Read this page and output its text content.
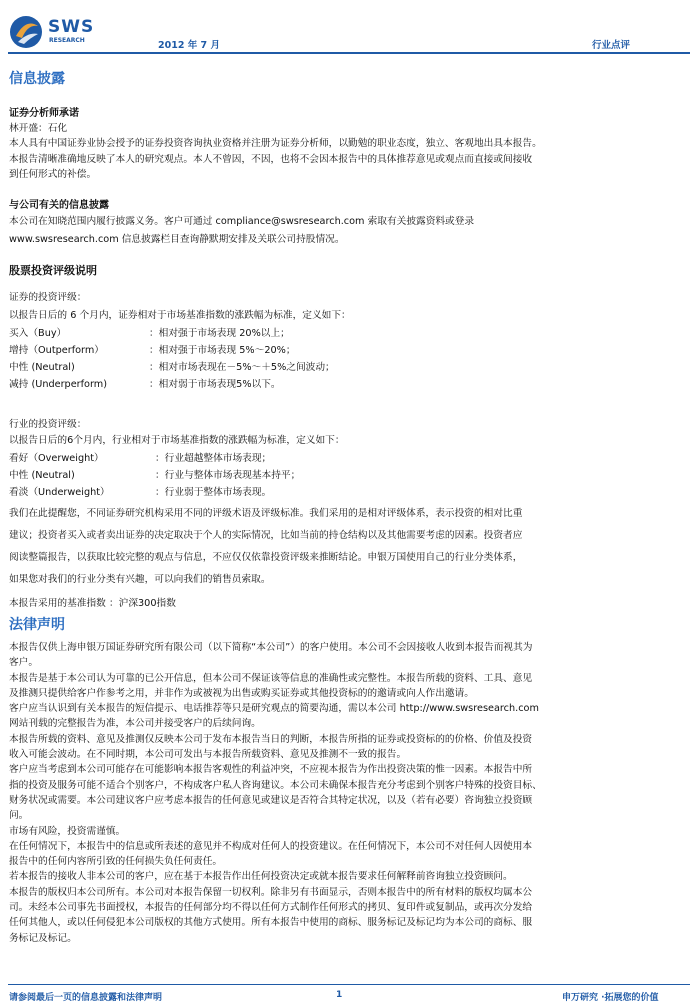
SWS
RESEARCH	2012 年 7 月	行业点评
信息披露
证券分析师承诺
林开盛：石化
本人具有中国证券业协会授予的证券投资咨询执业资格并注册为证券分析师，以勤勉的职业态度，独立、客观地出具本报告。
本报告清晰准确地反映了本人的研究观点。本人不曾因，不因，也将不会因本报告中的具体推荐意见或观点而直接或间接收
到任何形式的补偿。
与公司有关的信息披露
本公司在知晓范围内履行披露义务。客户可通过 compliance@swsresearch.com 索取有关披露资料或登录
www.swsresearch.com 信息披露栏目查询静默期安排及关联公司持股情况。
股票投资评级说明
证券的投资评级：
以报告日后的 6 个月内，证券相对于市场基准指数的涨跌幅为标准，定义如下：
买入（Buy）	：相对强于市场表现 20%以上；
增持（Outperform）	：相对强于市场表现 5%～20%；
中性 (Neutral)	：相对市场表现在－5%～＋5%之间波动；
减持 (Underperform)	：相对弱于市场表现5%以下。
行业的投资评级：
以报告日后的6个月内，行业相对于市场基准指数的涨跌幅为标准，定义如下：
看好（Overweight）	：行业超越整体市场表现；
中性 (Neutral)	：行业与整体市场表现基本持平；
看淡（Underweight）	：行业弱于整体市场表现。
我们在此提醒您，不同证券研究机构采用不同的评级术语及评级标准。我们采用的是相对评级体系，表示投资的相对比重
建议；投资者买入或者卖出证券的决定取决于个人的实际情况，比如当前的持仓结构以及其他需要考虑的因素。投资者应
阅读整篇报告，以获取比较完整的观点与信息，不应仅仅依靠投资评级来推断结论。申银万国使用自己的行业分类体系，
如果您对我们的行业分类有兴趣，可以向我们的销售员索取。
本报告采用的基准指数 ：沪深300指数
法律声明
本报告仅供上海申银万国证券研究所有限公司（以下简称“本公司”）的客户使用。本公司不会因接收人收到本报告而视其为
客户。
本报告是基于本公司认为可靠的已公开信息，但本公司不保证该等信息的准确性或完整性。本报告所载的资料、工具、意见
及推测只提供给客户作参考之用，并非作为或被视为出售或购买证券或其他投资标的的邀请或向人作出邀请。
客户应当认识到有关本报告的短信提示、电话推荐等只是研究观点的简要沟通，需以本公司 http://www.swsresearch.com
网站刊载的完整报告为准，本公司并接受客户的后续问询。
本报告所载的资料、意见及推测仅反映本公司于发布本报告当日的判断，本报告所指的证券或投资标的的价格、价值及投资
收入可能会波动。在不同时期，本公司可发出与本报告所载资料、意见及推测不一致的报告。
客户应当考虑到本公司可能存在可能影响本报告客观性的利益冲突，不应视本报告为作出投资决策的惟一因素。本报告中所
指的投资及服务可能不适合个别客户，不构成客户私人咨询建议。本公司未确保本报告充分考虑到个别客户特殊的投资目标、
财务状况或需要。本公司建议客户应考虑本报告的任何意见或建议是否符合其特定状况，以及（若有必要）咨询独立投资顾
问。
市场有风险，投资需谨慎。
在任何情况下，本报告中的信息或所表述的意见并不构成对任何人的投资建议。在任何情况下，本公司不对任何人因使用本
报告中的任何内容所引致的任何损失负任何责任。
若本报告的接收人非本公司的客户，应在基于本报告作出任何投资决定或就本报告要求任何解释前咨询独立投资顾问。
本报告的版权归本公司所有。本公司对本报告保留一切权利。除非另有书面显示，否则本报告中的所有材料的版权均属本公
司。未经本公司事先书面授权，本报告的任何部分均不得以任何方式制作任何形式的拷贝、复印件或复制品，或再次分发给
任何其他人，或以任何侵犯本公司版权的其他方式使用。所有本报告中使用的商标、服务标记及标记均为本公司的商标、服
务标记及标记。
请参阅最后一页的信息披露和法律声明	1	申万研究 ·拓展您的价值
